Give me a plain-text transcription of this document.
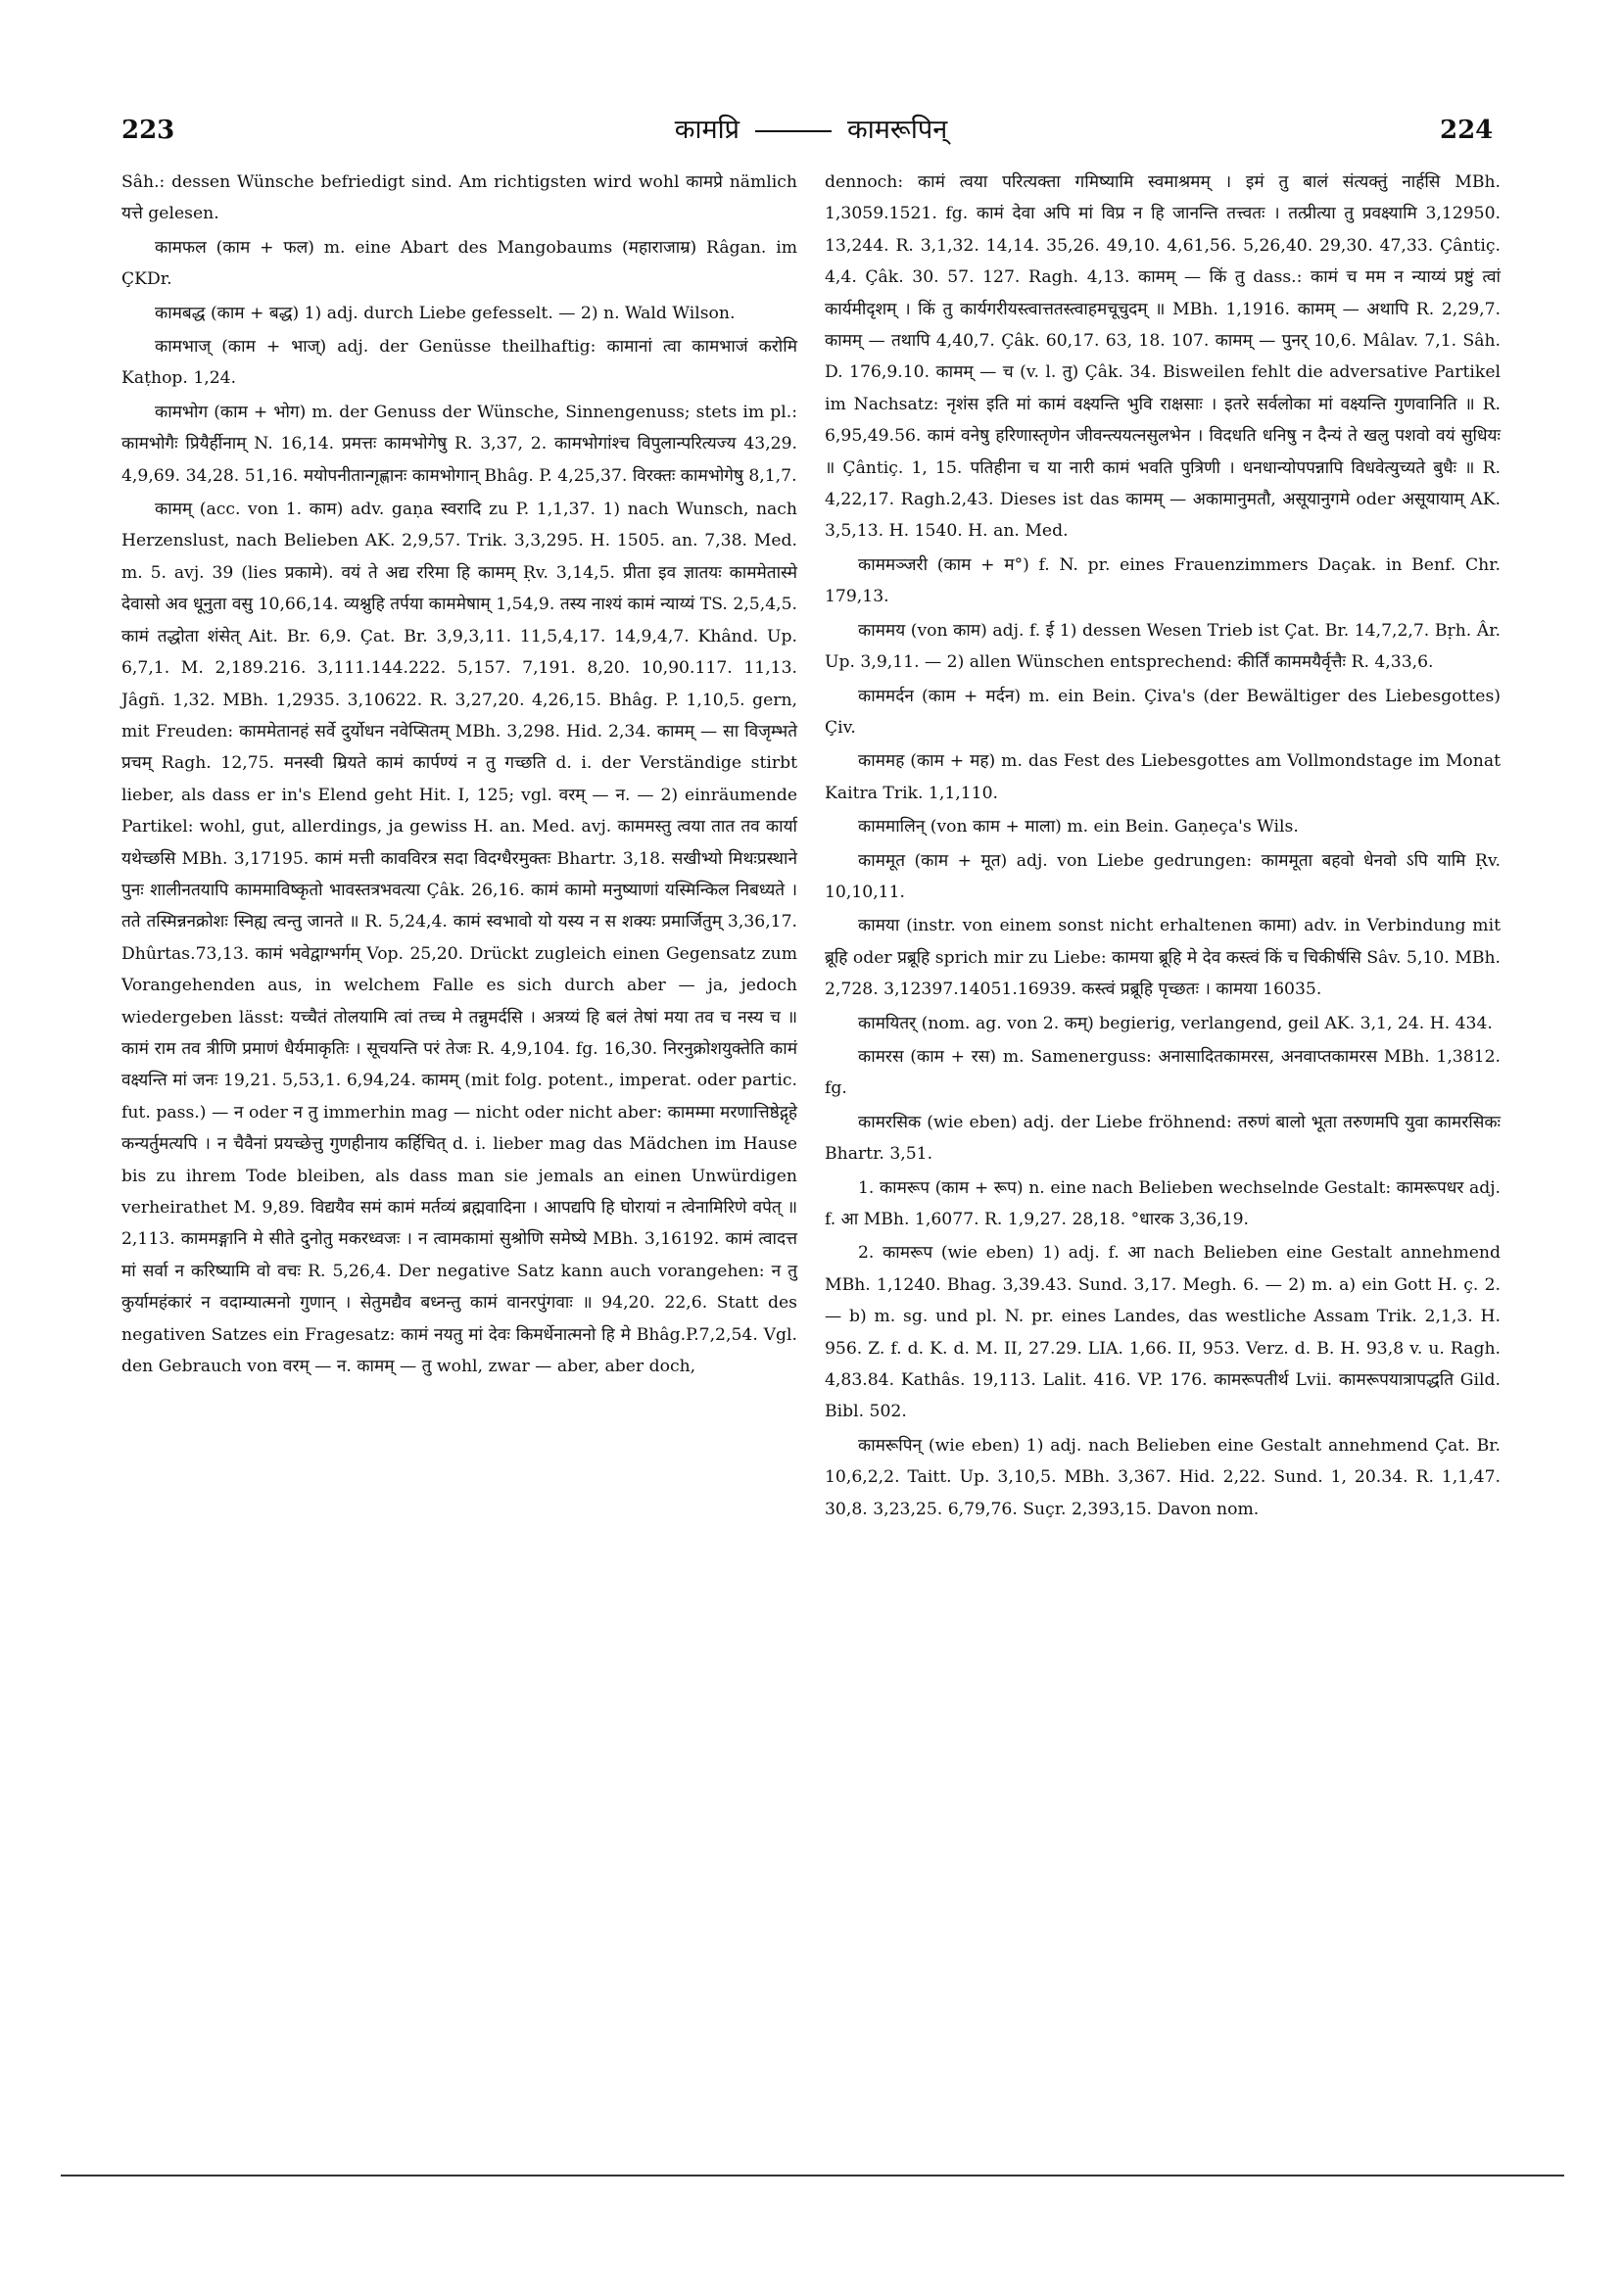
223	कामप्रि	कामरूपिन्	224

Sâh.: dessen Wünsche befriedigt sind. Am richtigsten wird wohl कामप्रे nämlich यत्ते gelesen.

कामफल (काम + फल) m. eine Abart des Mangobaums (महाराजाम्र) Râgan. im ÇKDr.

कामबद्ध (काम + बद्ध) 1) adj. durch Liebe gefesselt. — 2) n. Wald Wilson.

कामभाज् (काम + भाज्) adj. der Genüsse theilhaftig: कामानां त्वा कामभाजं करोमि Kaṭhop. 1,24.

कामभोग (काम + भोग) m. der Genuss der Wünsche, Sinnengenuss; stets im pl.: कामभोगैः प्रियैर्हीनाम् N. 16,14. प्रमत्तः कामभोगेषु R. 3,37, 2. कामभोगांश्च विपुलान्परित्यज्य 43,29. 4,9,69. 34,28. 51,16. मयोपनीतान्गृह्णानः कामभोगान् Bhâg. P. 4,25,37. विरक्तः कामभोगेषु 8,1,7.

कामम् (acc. von 1. काम) adv. gaṇa स्वरादि zu P. 1,1,37. 1) nach Wunsch, nach Herzenslust, nach Belieben AK. 2,9,57. Trik. 3,3,295. H. 1505. an. 7,38. Med. m. 5. avj. 39 (lies प्रकामे). वयं ते अद्य ररिमा हि कामम् Ṛv. 3,14,5. प्रीता इव ज्ञातयः काममेतास्मे देवासो अव धूनुता वसु 10,66,14. व्यश्नुहि तर्पया काममेषाम् 1,54,9. तस्य नाश्यं कामं न्याय्यं TS. 2,5,4,5. कामं तद्धोता शंसेत् Ait. Br. 6,9. Çat. Br. 3,9,3,11. 11,5,4,17. 14,9,4,7. Khând. Up. 6,7,1. M. 2,189.216. 3,111.144.222. 5,157. 7,191. 8,20. 10,90.117. 11,13. Jâgñ. 1,32. MBh. 1,2935. 3,10622. R. 3,27,20. 4,26,15. Bhâg. P. 1,10,5. gern, mit Freuden: काममेतानहं सर्वे दुर्योधन नवेप्सितम् MBh. 3,298. Hid. 2,34. कामम् — सा विजृम्भते प्रचम् Ragh. 12,75. मनस्वी म्रियते कामं कार्पण्यं न तु गच्छति d. i. der Verständige stirbt lieber, als dass er in's Elend geht Hit. I, 125; vgl. वरम् — न. — 2) einräumende Partikel: wohl, gut, allerdings, ja gewiss H. an. Med. avj. काममस्तु त्वया तात तव कार्या यथेच्छसि MBh. 3,17195. कामं मत्ती कावविरत्र सदा विदग्धैरमुक्तः Bhartr. 3,18. सखीभ्यो मिथःप्रस्थाने पुनः शालीनतयापि काममाविष्कृतो भावस्तत्रभवत्या Çâk. 26,16. कामं कामो मनुष्याणां यस्मिन्किल निबध्यते । तते तस्मिन्ननक्रोशः स्निह्य त्वन्तु जानते ॥ R. 5,24,4. कामं स्वभावो यो यस्य न स शक्यः प्रमार्जितुम् 3,36,17. Dhûrtas.73,13. कामं भवेद्वाग्भर्गम् Vop. 25,20. Drückt zugleich einen Gegensatz zum Vorangehenden aus, in welchem Falle es sich durch aber — ja, jedoch wiedergeben lässt: यच्चैतं तोलयामि त्वां तच्च मे तन्नुमर्दसि । अत्रय्यं हि बलं तेषां मया तव च नस्य च ॥ कामं राम तव त्रीणि प्रमाणं धैर्यमाकृतिः । सूचयन्ति परं तेजः R. 4,9,104. fg. 16,30. निरनुक्रोशयुक्तेति कामं वक्ष्यन्ति मां जनः 19,21. 5,53,1. 6,94,24. कामम् (mit folg. potent., imperat. oder partic. fut. pass.) — न oder न तु immerhin mag — nicht oder nicht aber: कामम्मा मरणात्तिष्ठेद्गृहे कन्यर्तुमत्यपि । न चैवैनां प्रयच्छेत्तु गुणहीनाय कर्हिचित् d. i. lieber mag das Mädchen im Hause bis zu ihrem Tode bleiben, als dass man sie jemals an einen Unwürdigen verheirathet M. 9,89. विद्ययैव समं कामं मर्तव्यं ब्रह्मवादिना । आपद्यपि हि घोरायां न त्वेनामिरिणे वपेत् ॥ 2,113. काममङ्गानि मे सीते दुनोतु मकरध्वजः । न त्वामकामां सुश्रोणि समेष्ये MBh. 3,16192. कामं त्वादत्त मां सर्वा न करिष्यामि वो वचः R. 5,26,4. Der negative Satz kann auch vorangehen: न तु कुर्यामहंकारं न वदाम्यात्मनो गुणान् । सेतुमद्यैव बध्नन्तु कामं वानरपुंगवाः ॥ 94,20. 22,6. Statt des negativen Satzes ein Fragesatz: कामं नयतु मां देवः किमर्धेनात्मनो हि मे Bhâg.P.7,2,54. Vgl. den Gebrauch von वरम् — न. कामम् — तु wohl, zwar — aber, aber doch,

dennoch: कामं त्वया परित्यक्ता गमिष्यामि स्वमाश्रमम् । इमं तु बालं संत्यक्तुं नार्हसि MBh. 1,3059.1521. fg. कामं देवा अपि मां विप्र न हि जानन्ति तत्त्वतः । तत्प्रीत्या तु प्रवक्ष्यामि 3,12950. 13,244. R. 3,1,32. 14,14. 35,26. 49,10. 4,61,56. 5,26,40. 29,30. 47,33. Çântiç. 4,4. Çâk. 30. 57. 127. Ragh. 4,13. कामम् — किं तु dass.: कामं च मम न न्याय्यं प्रष्टुं त्वां कार्यमीदृशम् । किं तु कार्यगरीयस्त्वात्ततस्त्वाहमचूचुदम् ॥ MBh. 1,1916. कामम् — अथापि R. 2,29,7. कामम् — तथापि 4,40,7. Çâk. 60,17. 63, 18. 107. कामम् — पुनर् 10,6. Mâlav. 7,1. Sâh. D. 176,9.10. कामम् — च (v. l. तु) Çâk. 34. Bisweilen fehlt die adversative Partikel im Nachsatz: नृशंस इति मां कामं वक्ष्यन्ति भुवि राक्षसाः । इतरे सर्वलोका मां वक्ष्यन्ति गुणवानिति ॥ R. 6,95,49.56. कामं वनेषु हरिणास्तृणेन जीवन्त्ययत्नसुलभेन । विदधति धनिषु न दैन्यं ते खलु पशवो वयं सुधियः ॥ Çântiç. 1, 15. पतिहीना च या नारी कामं भवति पुत्रिणी । धनधान्योपपन्नापि विधवेत्युच्यते बुधैः ॥ R. 4,22,17. Ragh.2,43. Dieses ist das कामम् — अकामानुमतौ, असूयानुगमे oder असूयायाम् AK. 3,5,13. H. 1540. H. an. Med.

काममञ्जरी (काम + म°) f. N. pr. eines Frauenzimmers Daçak. in Benf. Chr. 179,13.

काममय (von काम) adj. f. ई 1) dessen Wesen Trieb ist Çat. Br. 14,7,2,7. Bṛh. Âr. Up. 3,9,11. — 2) allen Wünschen entsprechend: कीर्तिं काममयैर्वृत्तैः R. 4,33,6.

काममर्दन (काम + मर्दन) m. ein Bein. Çiva's (der Bewältiger des Liebesgottes) Çiv.

काममह (काम + मह) m. das Fest des Liebesgottes am Vollmondstage im Monat Kaitra Trik. 1,1,110.

काममालिन् (von काम + माला) m. ein Bein. Gaṇeça's Wils.

काममूत (काम + मूत) adj. von Liebe gedrungen: काममूता बहवो धेनवो ऽपि यामि Ṛv. 10,10,11.

कामया (instr. von einem sonst nicht erhaltenen कामा) adv. in Verbindung mit ब्रूहि oder प्रब्रूहि sprich mir zu Liebe: कामया ब्रूहि मे देव कस्त्वं किं च चिकीर्षसि Sâv. 5,10. MBh. 2,728. 3,12397.14051.16939. कस्त्वं प्रब्रूहि पृच्छतः । कामया 16035.

कामयितर् (nom. ag. von 2. कम्) begierig, verlangend, geil AK. 3,1, 24. H. 434.

कामरस (काम + रस) m. Samenerguss: अनासादितकामरस, अनवाप्तकामरस MBh. 1,3812. fg.

कामरसिक (wie eben) adj. der Liebe fröhnend: तरुणं बालो भूता तरुणमपि युवा कामरसिकः Bhartr. 3,51.

1. कामरूप (काम + रूप) n. eine nach Belieben wechselnde Gestalt: कामरूपधर adj. f. आ MBh. 1,6077. R. 1,9,27. 28,18. °धारक 3,36,19.

2. कामरूप (wie eben) 1) adj. f. आ nach Belieben eine Gestalt annehmend MBh. 1,1240. Bhag. 3,39.43. Sund. 3,17. Megh. 6. — 2) m. a) ein Gott H. ç. 2. — b) m. sg. und pl. N. pr. eines Landes, das westliche Assam Trik. 2,1,3. H. 956. Z. f. d. K. d. M. II, 27.29. LIA. 1,66. II, 953. Verz. d. B. H. 93,8 v. u. Ragh. 4,83.84. Kathâs. 19,113. Lalit. 416. VP. 176. कामरूपतीर्थ Lvii. कामरूपयात्रापद्धति Gild. Bibl. 502.

कामरूपिन् (wie eben) 1) adj. nach Belieben eine Gestalt annehmend Çat. Br. 10,6,2,2. Taitt. Up. 3,10,5. MBh. 3,367. Hid. 2,22. Sund. 1, 20.34. R. 1,1,47. 30,8. 3,23,25. 6,79,76. Suçr. 2,393,15. Davon nom.
